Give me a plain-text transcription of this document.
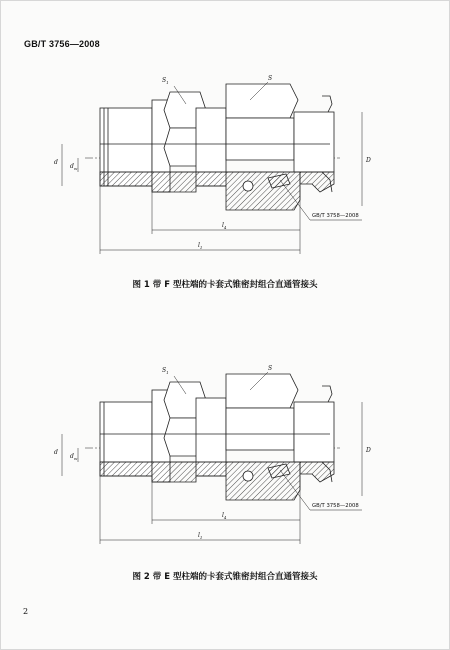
GB/T 3756—2008
$S_1$
S
d
$d_w$
D
$l_4$
$l_1$
GB/T 3758—2008
图 1 带 F 型柱端的卡套式锥密封组合直通管接头
$S_1$
S
d
$d_w$
D
$l_4$
$l_1$
GB/T 3758—2008
图 2 带 E 型柱端的卡套式锥密封组合直通管接头
2
